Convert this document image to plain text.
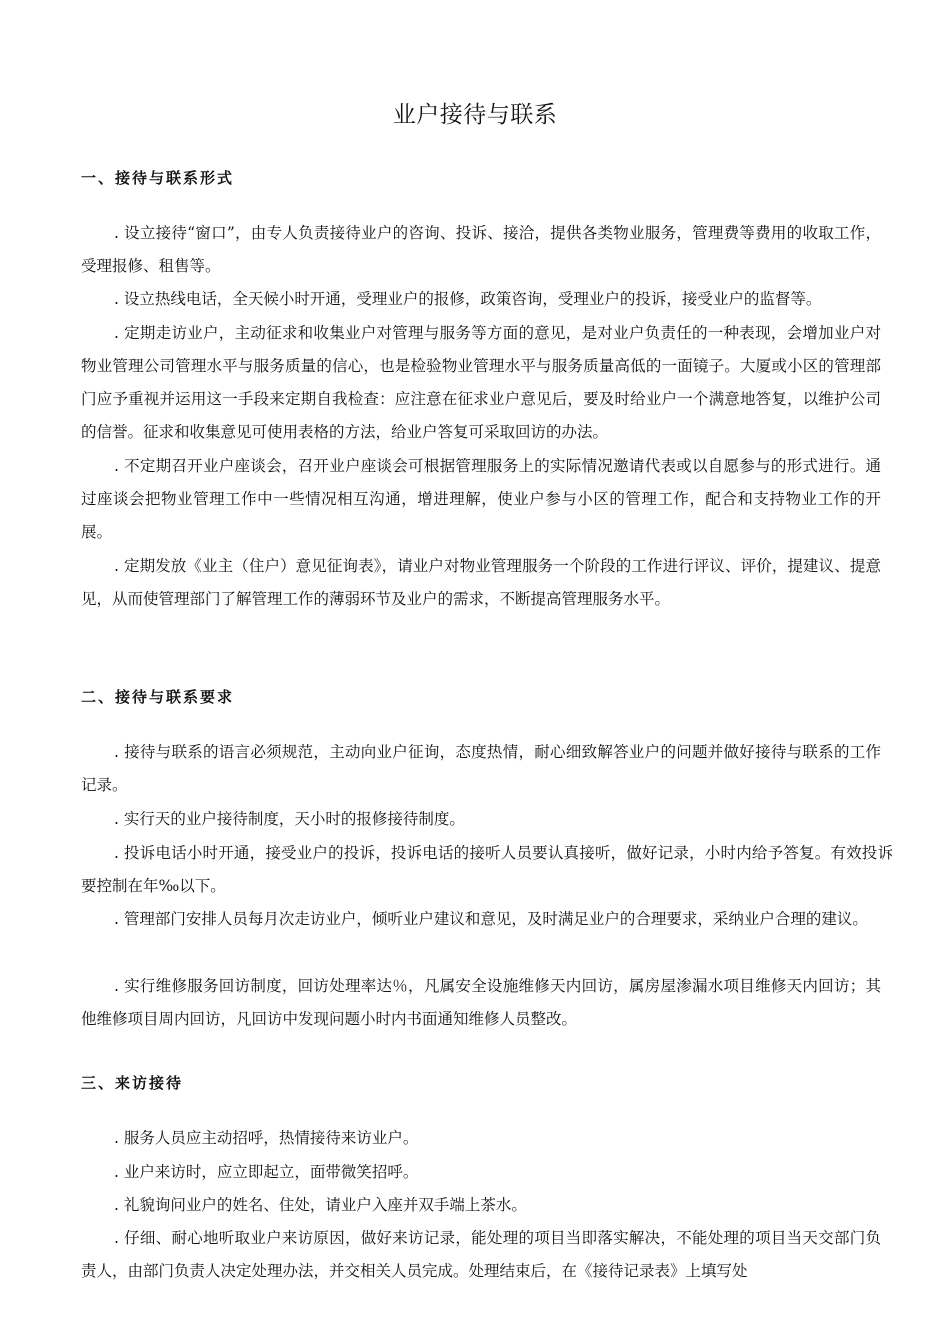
业户接待与联系
一、接待与联系形式

. 设立接待“窗口”，由专人负责接待业户的咨询、投诉、接洽，提供各类物业服务，管理费等费用的收取工作，受理报修、租售等。

. 设立热线电话，全天候小时开通，受理业户的报修，政策咨询，受理业户的投诉，接受业户的监督等。

. 定期走访业户，主动征求和收集业户对管理与服务等方面的意见，是对业户负责任的一种表现，会增加业户对物业管理公司管理水平与服务质量的信心，也是检验物业管理水平与服务质量高低的一面镜子。大厦或小区的管理部门应予重视并运用这一手段来定期自我检查：应注意在征求业户意见后，要及时给业户一个满意地答复，以维护公司的信誉。征求和收集意见可使用表格的方法，给业户答复可采取回访的办法。

. 不定期召开业户座谈会，召开业户座谈会可根据管理服务上的实际情况邀请代表或以自愿参与的形式进行。通过座谈会把物业管理工作中一些情况相互沟通，增进理解，使业户参与小区的管理工作，配合和支持物业工作的开展。

. 定期发放《业主（住户）意见征询表》，请业户对物业管理服务一个阶段的工作进行评议、评价，提建议、提意见，从而使管理部门了解管理工作的薄弱环节及业户的需求，不断提高管理服务水平。

二、接待与联系要求

. 接待与联系的语言必须规范，主动向业户征询，态度热情，耐心细致解答业户的问题并做好接待与联系的工作记录。

. 实行天的业户接待制度，天小时的报修接待制度。

. 投诉电话小时开通，接受业户的投诉，投诉电话的接听人员要认真接听，做好记录，小时内给予答复。有效投诉要控制在年‰以下。

. 管理部门安排人员每月次走访业户，倾听业户建议和意见，及时满足业户的合理要求，采纳业户合理的建议。

. 实行维修服务回访制度，回访处理率达％，凡属安全设施维修天内回访，属房屋渗漏水项目维修天内回访；其他维修项目周内回访，凡回访中发现问题小时内书面通知维修人员整改。

三、来访接待

. 服务人员应主动招呼，热情接待来访业户。

. 业户来访时，应立即起立，面带微笑招呼。

. 礼貌询问业户的姓名、住处，请业户入座并双手端上茶水。

. 仔细、耐心地听取业户来访原因，做好来访记录，能处理的项目当即落实解决，不能处理的项目当天交部门负责人，由部门负责人决定处理办法，并交相关人员完成。处理结束后，在《接待记录表》上填写处
